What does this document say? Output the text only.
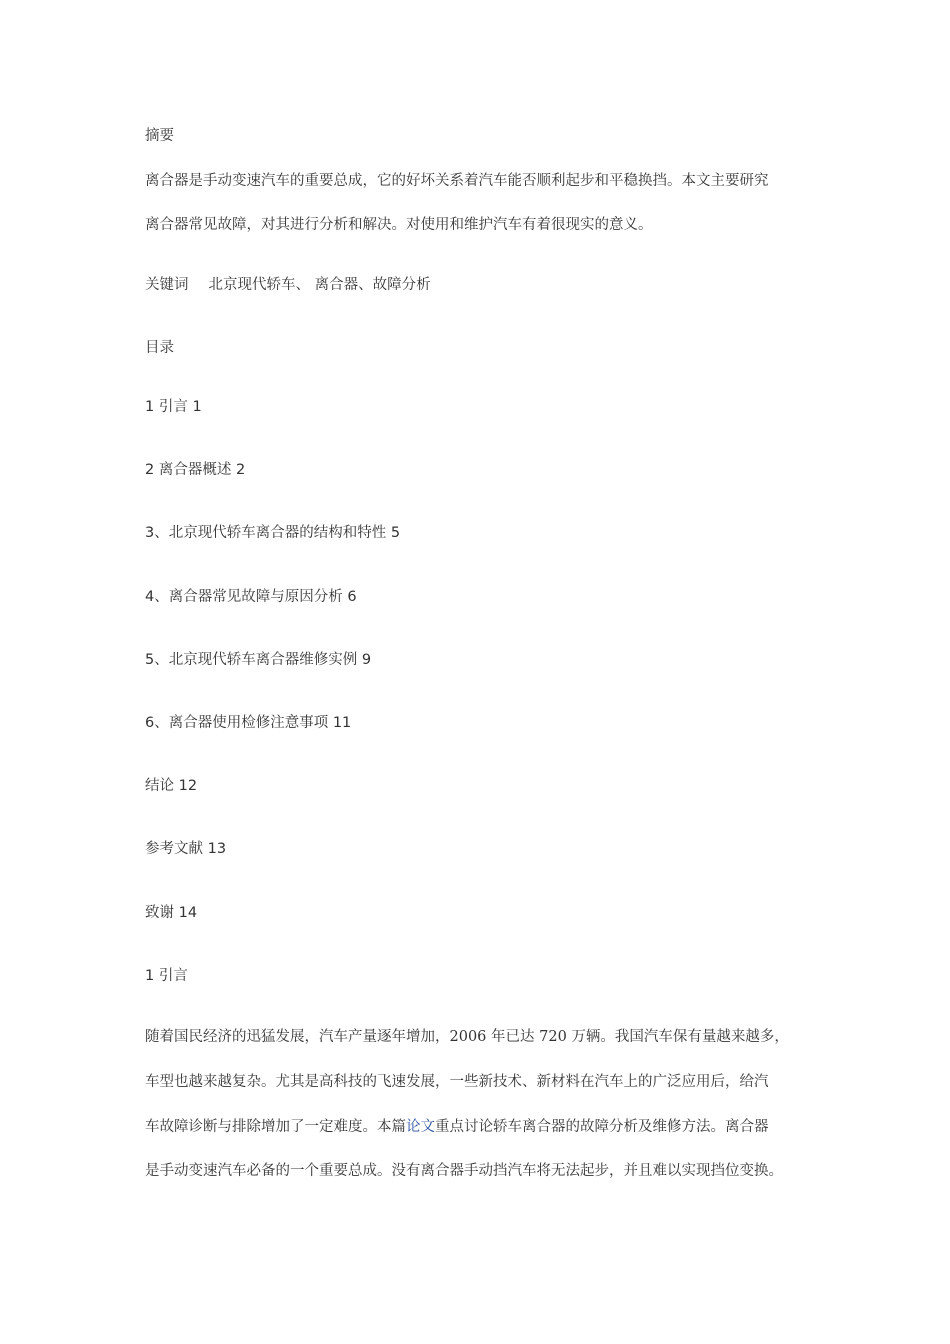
摘要
离合器是手动变速汽车的重要总成，它的好坏关系着汽车能否顺利起步和平稳换挡。本文主要研究
离合器常见故障，对其进行分析和解决。对使用和维护汽车有着很现实的意义。
关键词 北京现代轿车、 离合器、故障分析
目录
1 引言 1
2 离合器概述 2
3、北京现代轿车离合器的结构和特性 5
4、离合器常见故障与原因分析 6
5、北京现代轿车离合器维修实例 9
6、离合器使用检修注意事项 11
结论 12
参考文献 13
致谢 14
1 引言
随着国民经济的迅猛发展，汽车产量逐年增加，2006 年已达 720 万辆。我国汽车保有量越来越多，
车型也越来越复杂。尤其是高科技的飞速发展，一些新技术、新材料在汽车上的广泛应用后，给汽
车故障诊断与排除增加了一定难度。本篇论文重点讨论轿车离合器的故障分析及维修方法。离合器
是手动变速汽车必备的一个重要总成。没有离合器手动挡汽车将无法起步，并且难以实现挡位变换。
